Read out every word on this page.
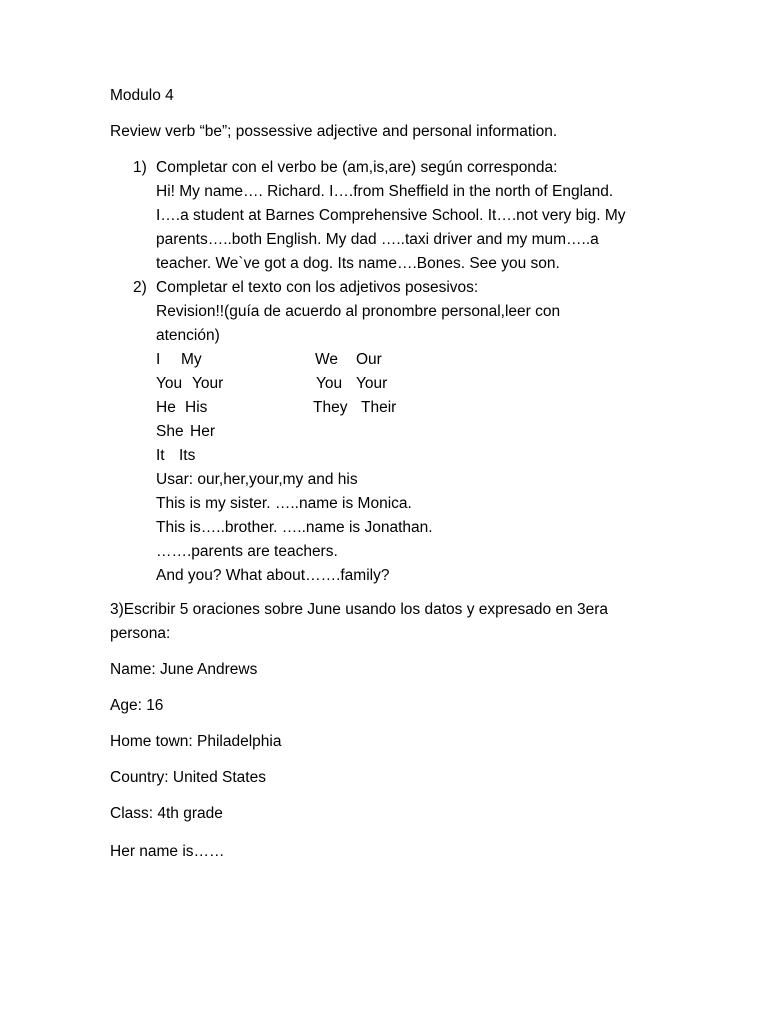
Modulo 4
Review verb “be”; possessive adjective and personal information.
1) Completar con el verbo be (am,is,are) según corresponda:
Hi! My name…. Richard. I….from Sheffield in the north of England.
I….a student at Barnes Comprehensive School. It….not very big. My
parents…..both English. My dad …..taxi driver and my mum…..a
teacher. We`ve got a dog. Its name….Bones. See you son.
2) Completar el texto con los adjetivos posesivos:
Revision!!(guía de acuerdo al pronombre personal,leer con
atención)
I My	We Our
You Your	You Your
He His	They Their
She Her
It Its
Usar: our,her,your,my and his
This is my sister. …..name is Monica.
This is…..brother. …..name is Jonathan.
…….parents are teachers.
And you? What about…….family?
3)Escribir 5 oraciones sobre June usando los datos y expresado en 3era
persona:
Name: June Andrews
Age: 16
Home town: Philadelphia
Country: United States
Class: 4th grade
Her name is……
